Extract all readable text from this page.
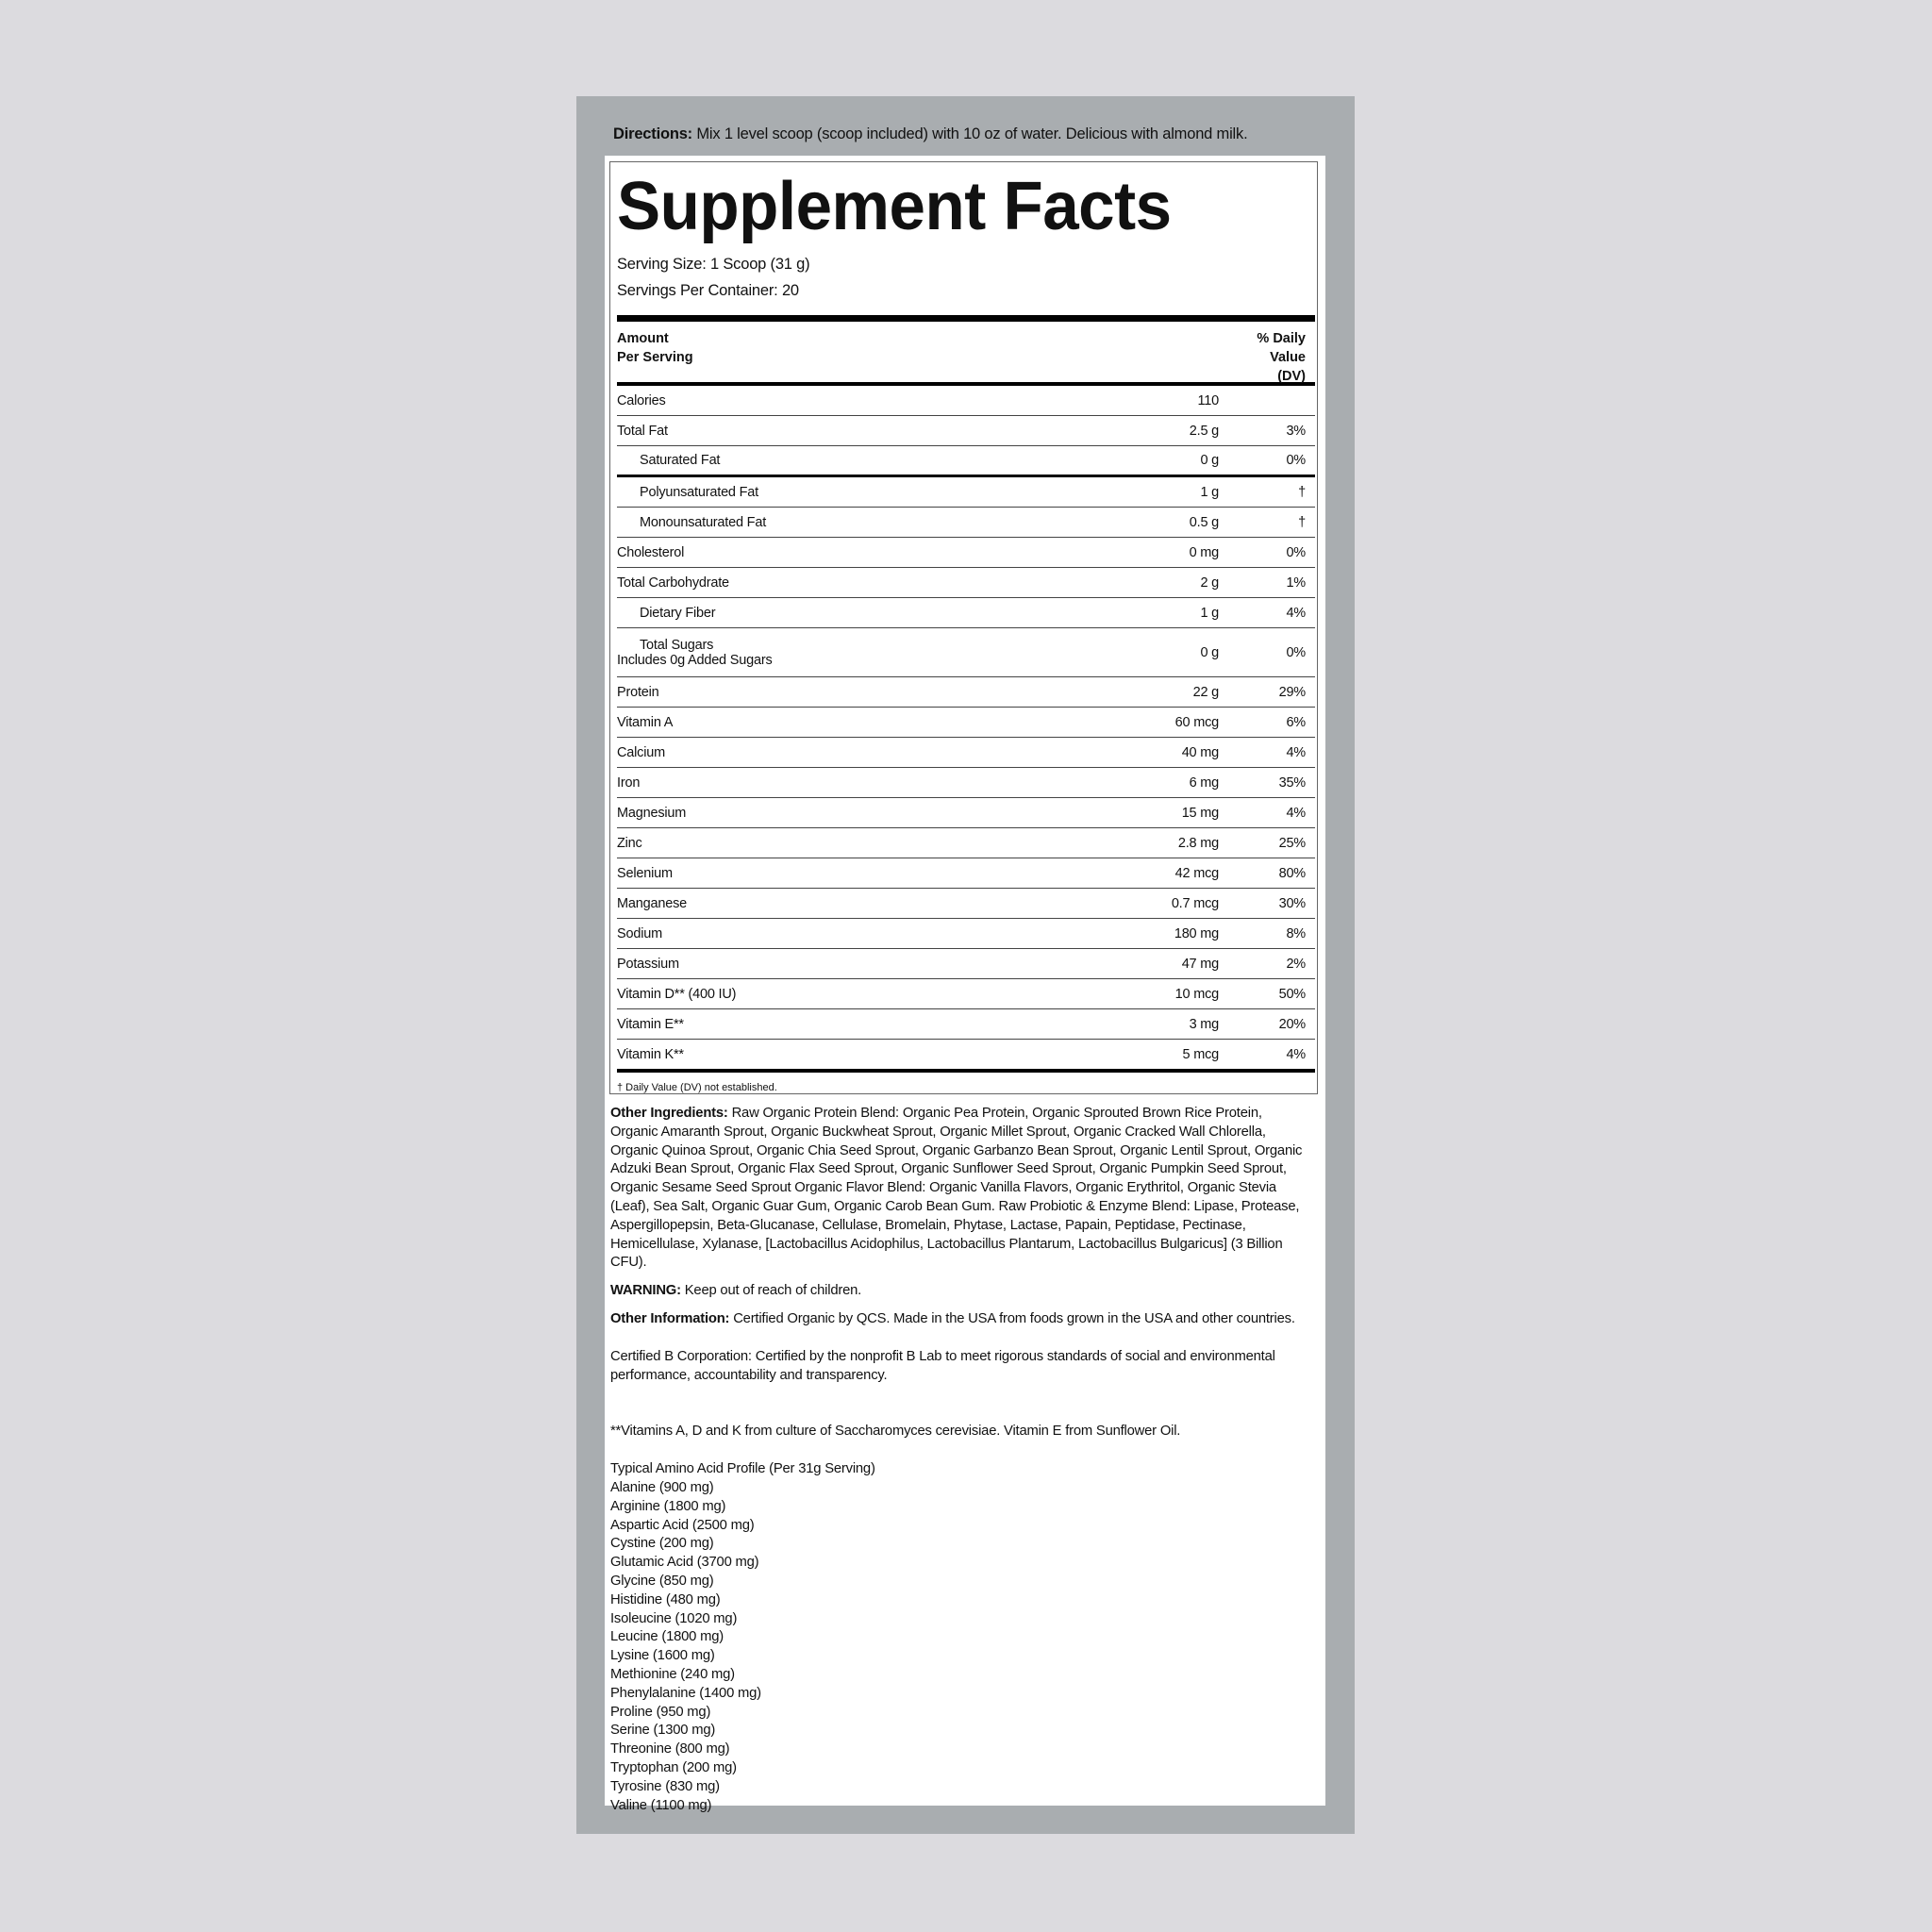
Directions: Mix 1 level scoop (scoop included) with 10 oz of water. Delicious with almond milk.
Supplement Facts
Serving Size: 1 Scoop (31 g)
Servings Per Container: 20
Amount
Per Serving
% Daily
Value
(DV)
Calories	110
Total Fat	2.5 g	3%
Saturated Fat	0 g	0%
Polyunsaturated Fat	1 g	†
Monounsaturated Fat	0.5 g	†
Cholesterol	0 mg	0%
Total Carbohydrate	2 g	1%
Dietary Fiber	1 g	4%
Total Sugars
Includes 0g Added Sugars	0 g	0%
Protein	22 g	29%
Vitamin A	60 mcg	6%
Calcium	40 mg	4%
Iron	6 mg	35%
Magnesium	15 mg	4%
Zinc	2.8 mg	25%
Selenium	42 mcg	80%
Manganese	0.7 mcg	30%
Sodium	180 mg	8%
Potassium	47 mg	2%
Vitamin D** (400 IU)	10 mcg	50%
Vitamin E**	3 mg	20%
Vitamin K**	5 mcg	4%
† Daily Value (DV) not established.

Other Ingredients: Raw Organic Protein Blend: Organic Pea Protein, Organic Sprouted Brown Rice Protein, Organic Amaranth Sprout, Organic Buckwheat Sprout, Organic Millet Sprout, Organic Cracked Wall Chlorella, Organic Quinoa Sprout, Organic Chia Seed Sprout, Organic Garbanzo Bean Sprout, Organic Lentil Sprout, Organic Adzuki Bean Sprout, Organic Flax Seed Sprout, Organic Sunflower Seed Sprout, Organic Pumpkin Seed Sprout, Organic Sesame Seed Sprout Organic Flavor Blend: Organic Vanilla Flavors, Organic Erythritol, Organic Stevia (Leaf), Sea Salt, Organic Guar Gum, Organic Carob Bean Gum. Raw Probiotic & Enzyme Blend: Lipase, Protease, Aspergillopepsin, Beta-Glucanase, Cellulase, Bromelain, Phytase, Lactase, Papain, Peptidase, Pectinase, Hemicellulase, Xylanase, [Lactobacillus Acidophilus, Lactobacillus Plantarum, Lactobacillus Bulgaricus] (3 Billion CFU).

WARNING: Keep out of reach of children.

Other Information: Certified Organic by QCS. Made in the USA from foods grown in the USA and other countries.

Certified B Corporation: Certified by the nonprofit B Lab to meet rigorous standards of social and environmental performance, accountability and transparency.

**Vitamins A, D and K from culture of Saccharomyces cerevisiae. Vitamin E from Sunflower Oil.

Typical Amino Acid Profile (Per 31g Serving)

Alanine (900 mg)
Arginine (1800 mg)
Aspartic Acid (2500 mg)
Cystine (200 mg)
Glutamic Acid (3700 mg)
Glycine (850 mg)
Histidine (480 mg)
Isoleucine (1020 mg)
Leucine (1800 mg)
Lysine (1600 mg)
Methionine (240 mg)
Phenylalanine (1400 mg)
Proline (950 mg)
Serine (1300 mg)
Threonine (800 mg)
Tryptophan (200 mg)
Tyrosine (830 mg)
Valine (1100 mg)
